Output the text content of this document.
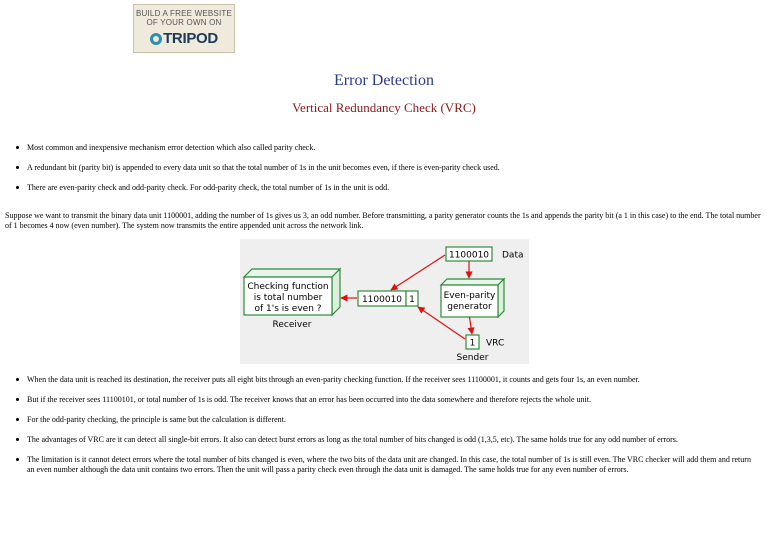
BUILD A FREE WEBSITE
OF YOUR OWN ON
TRIPOD
Error Detection
Vertical Redundancy Check (VRC)
Most common and inexpensive mechanism error detection which also called parity check.
A redundant bit (parity bit) is appended to every data unit so that the total number of 1s in the unit becomes even, if there is even-parity check used.
There are even-parity check and odd-parity check. For odd-parity check, the total number of 1s in the unit is odd.

Suppose we want to transmit the binary data unit 1100001, adding the number of 1s gives us 3, an odd number. Before transmitting, a parity generator counts the 1s and appends the parity bit (a 1 in this case) to the end. The total number of 1 becomes 4 now (even number). The system now transmits the entire appended unit across the network link.

1100010 Data
Even-parity
generator
1 VRC
Sender
1100010 1
Checking function
is total number
of 1's is even ?
Receiver
When the data unit is reached its destination, the receiver puts all eight bits through an even-parity checking function. If the receiver sees 11100001, it counts and gets four 1s, an even number.
But if the receiver sees 11100101, or total number of 1s is odd. The receiver knows that an error has been occurred into the data somewhere and therefore rejects the whole unit.
For the odd-parity checking, the principle is same but the calculation is different.
The advantages of VRC are it can detect all single-bit errors. It also can detect burst errors as long as the total number of bits changed is odd (1,3,5, etc). The same holds true for any odd number of errors.
The limitation is it cannot detect errors where the total number of bits changed is even, where the two bits of the data unit are changed. In this case, the total number of 1s is still even. The VRC checker will add them and return an even number although the data unit contains two errors. Then the unit will pass a parity check even through the data unit is damaged. The same holds true for any even number of errors.
